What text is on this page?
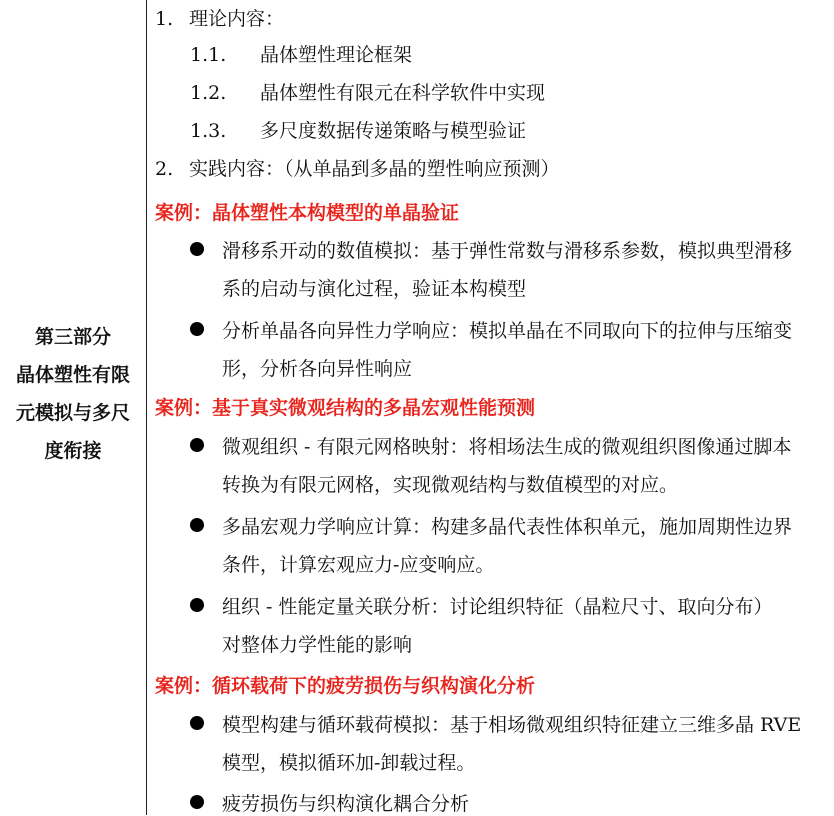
第三部分
晶体塑性有限
元模拟与多尺
度衔接
1. 理论内容：
1.1. 晶体塑性理论框架
1.2. 晶体塑性有限元在科学软件中实现
1.3. 多尺度数据传递策略与模型验证
2. 实践内容：（从单晶到多晶的塑性响应预测）
案例：晶体塑性本构模型的单晶验证
滑移系开动的数值模拟：基于弹性常数与滑移系参数，模拟典型滑移
系的启动与演化过程，验证本构模型
分析单晶各向异性力学响应：模拟单晶在不同取向下的拉伸与压缩变
形，分析各向异性响应
案例：基于真实微观结构的多晶宏观性能预测
微观组织 - 有限元网格映射：将相场法生成的微观组织图像通过脚本
转换为有限元网格，实现微观结构与数值模型的对应。
多晶宏观力学响应计算：构建多晶代表性体积单元，施加周期性边界
条件，计算宏观应力-应变响应。
组织 - 性能定量关联分析：讨论组织特征（晶粒尺寸、取向分布）
对整体力学性能的影响
案例：循环载荷下的疲劳损伤与织构演化分析
模型构建与循环载荷模拟：基于相场微观组织特征建立三维多晶 RVE
模型，模拟循环加-卸载过程。
疲劳损伤与织构演化耦合分析
